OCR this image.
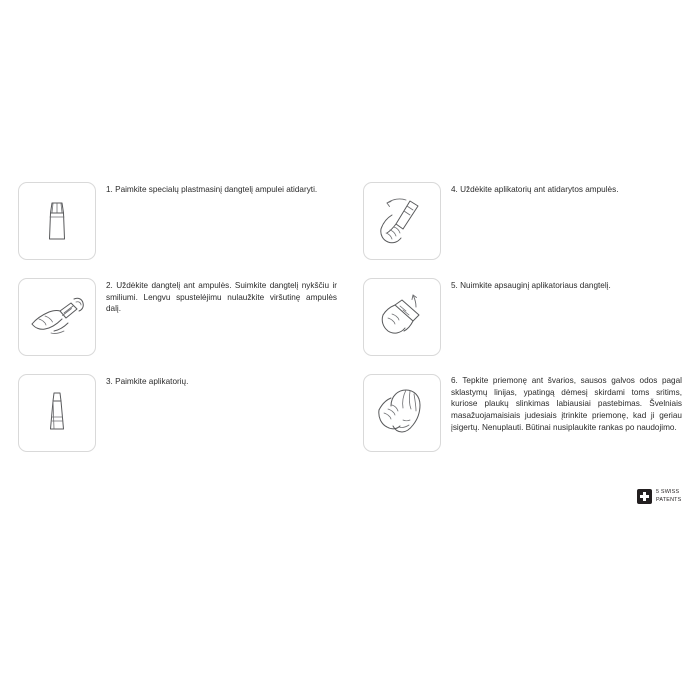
1. Paimkite specialų plastmasinį dangtelį ampulei atidaryti.
2. Uždėkite dangtelį ant ampulės. Suimkite dangtelį nykščiu ir smiliumi. Lengvu spustelėjimu nulaužkite viršutinę ampulės dalį.
3. Paimkite aplikatorių.
4. Uždėkite aplikatorių ant atidarytos ampulės.
5. Nuimkite apsauginį aplikatoriaus dangtelį.
6. Tepkite priemonę ant švarios, sausos galvos odos pagal sklastymų linijas, ypatingą dėmesį skirdami toms sritims, kuriose plaukų slinkimas labiausiai pastebimas. Švelniais masažuojamaisiais judesiais įtrinkite priemonę, kad ji geriau įsigertų. Nenuplauti. Būtinai nusiplaukite rankas po naudojimo.
5 SWISS
PATENTS
